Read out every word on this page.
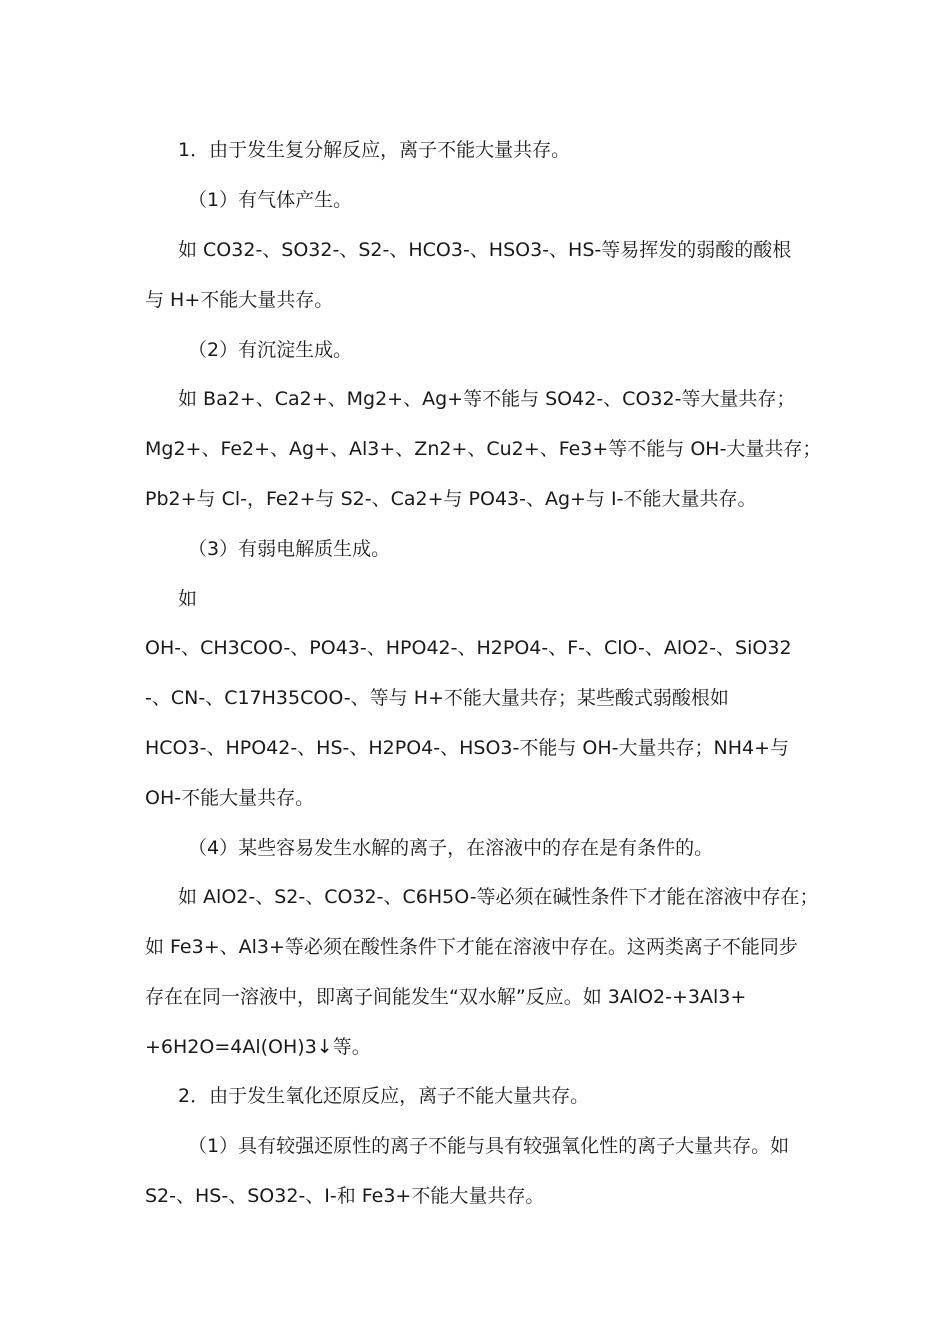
1．由于发生复分解反应，离子不能大量共存。
（1）有气体产生。
如 CO32-、SO32-、S2-、HCO3-、HSO3-、HS-等易挥发的弱酸的酸根
与 H+不能大量共存。
（2）有沉淀生成。
如 Ba2+、Ca2+、Mg2+、Ag+等不能与 SO42-、CO32-等大量共存；
Mg2+、Fe2+、Ag+、Al3+、Zn2+、Cu2+、Fe3+等不能与 OH-大量共存；
Pb2+与 Cl-，Fe2+与 S2-、Ca2+与 PO43-、Ag+与 I-不能大量共存。
（3）有弱电解质生成。
如
OH-、CH3COO-、PO43-、HPO42-、H2PO4-、F-、ClO-、AlO2-、SiO32
-、CN-、C17H35COO-、等与 H+不能大量共存；某些酸式弱酸根如
HCO3-、HPO42-、HS-、H2PO4-、HSO3-不能与 OH-大量共存；NH4+与
OH-不能大量共存。
（4）某些容易发生水解的离子，在溶液中的存在是有条件的。
如 AlO2-、S2-、CO32-、C6H5O-等必须在碱性条件下才能在溶液中存在；
如 Fe3+、Al3+等必须在酸性条件下才能在溶液中存在。这两类离子不能同步
存在在同一溶液中，即离子间能发生“双水解”反应。如 3AlO2-+3Al3+
+6H2O=4Al(OH)3↓等。
2．由于发生氧化还原反应，离子不能大量共存。
（1）具有较强还原性的离子不能与具有较强氧化性的离子大量共存。如
S2-、HS-、SO32-、I-和 Fe3+不能大量共存。
